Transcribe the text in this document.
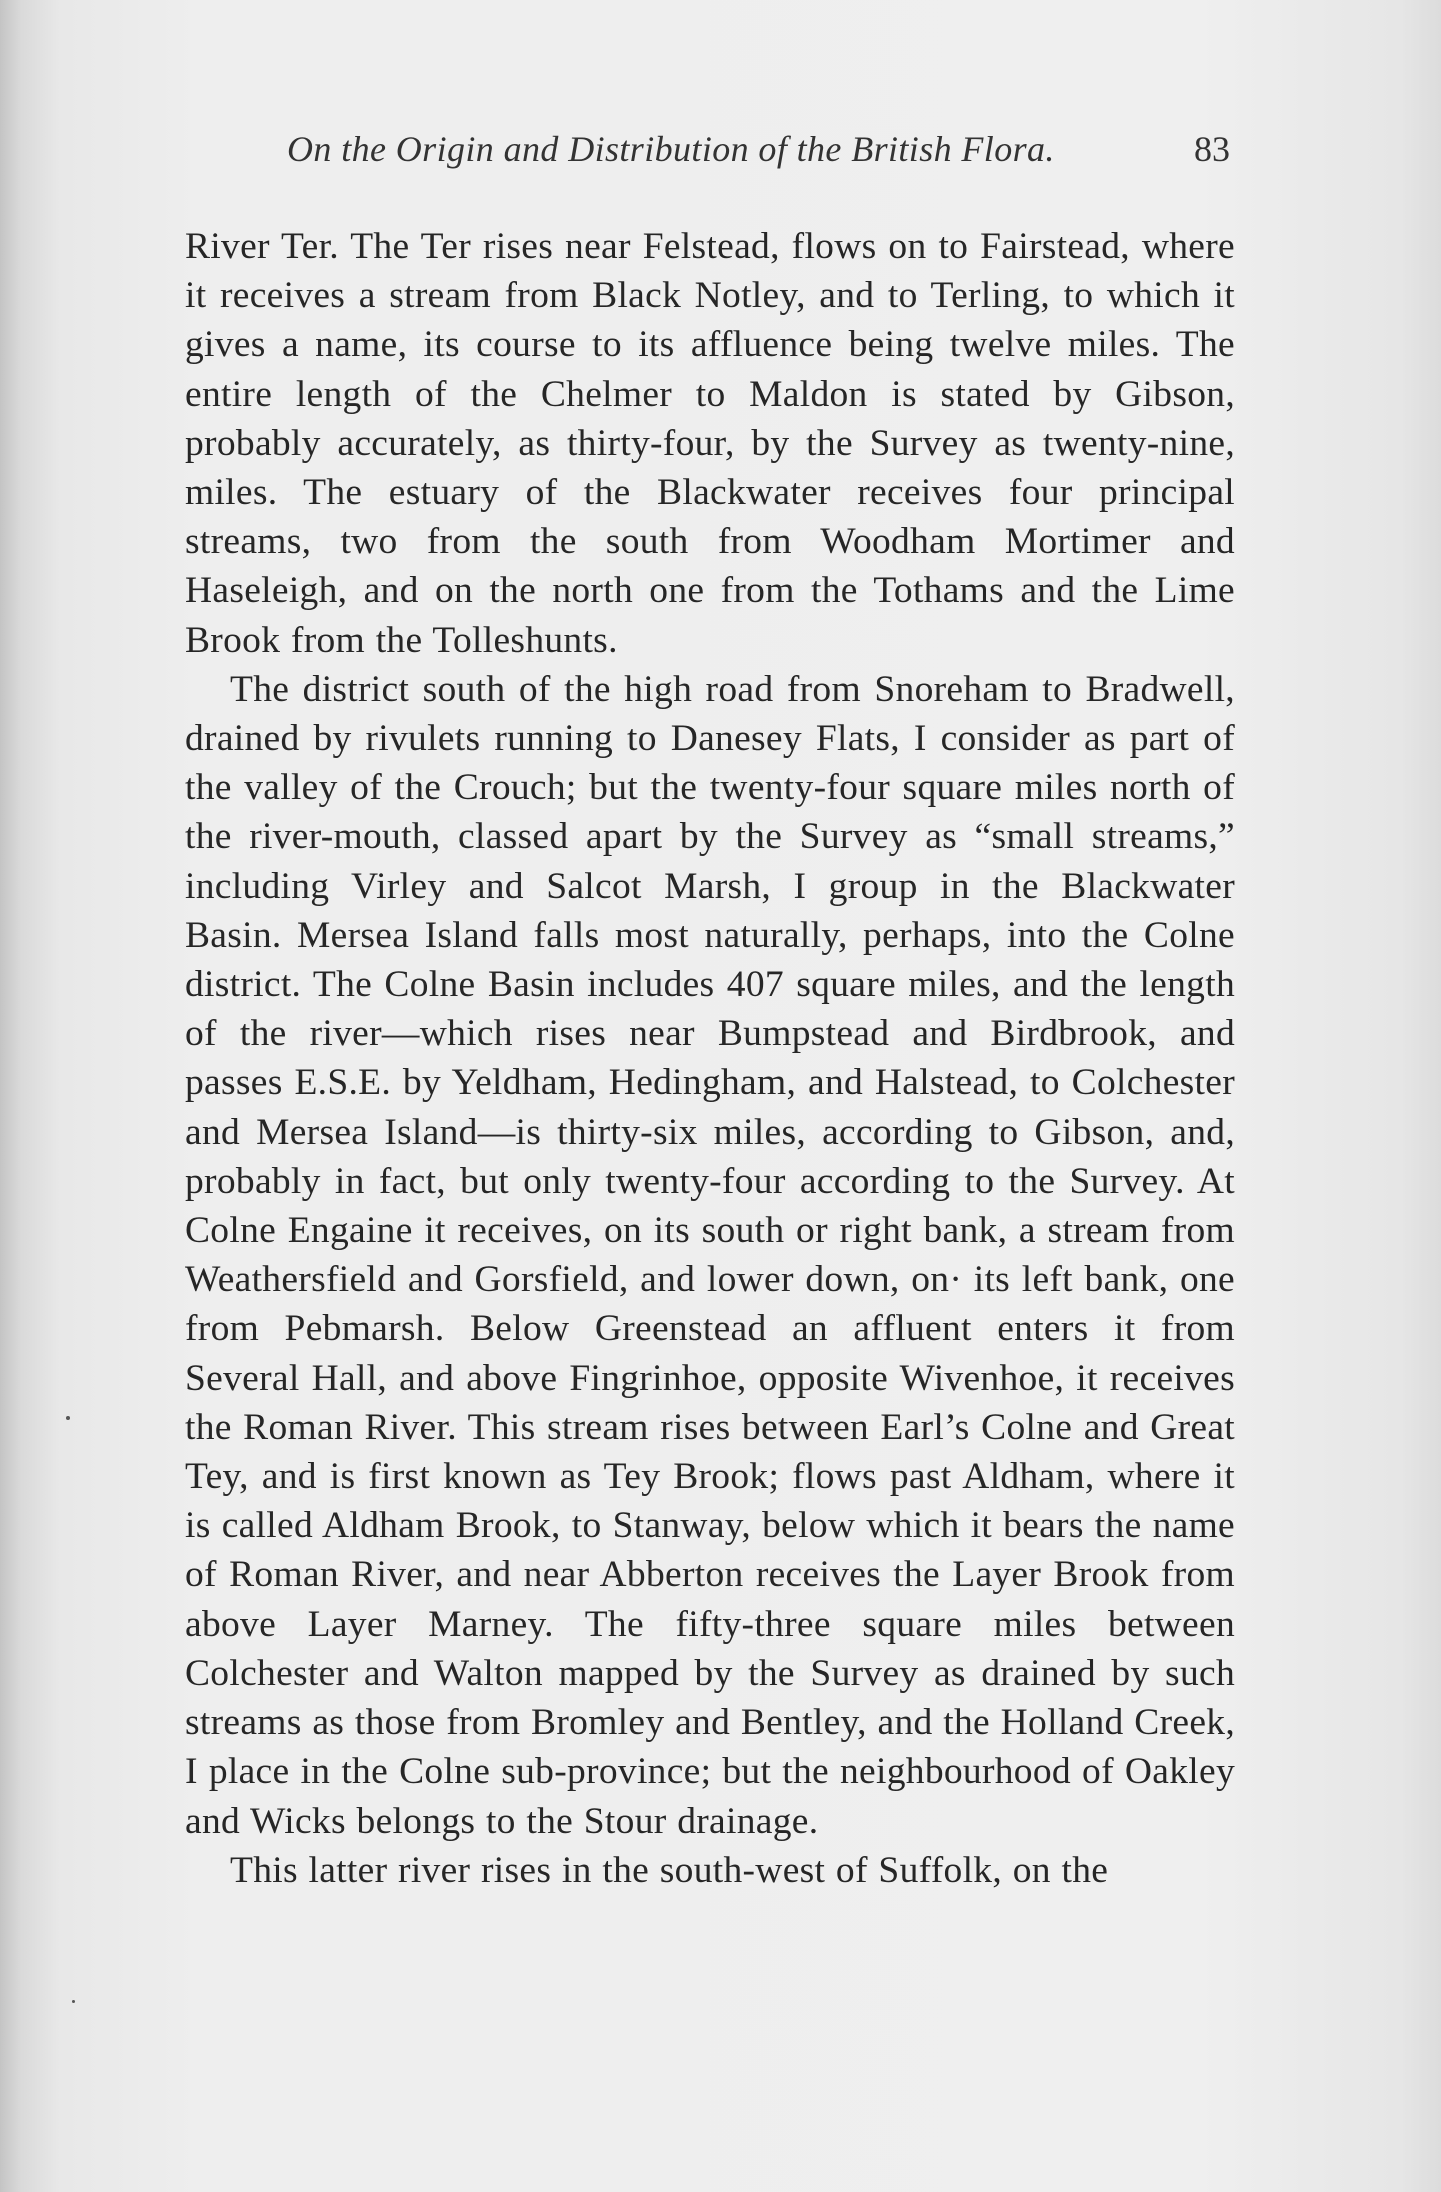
On the Origin and Distribution of the British Flora.	83

River Ter. The Ter rises near Felstead, flows on to Fairstead, where it receives a stream from Black Notley, and to Terling, to which it gives a name, its course to its affluence being twelve miles. The entire length of the Chelmer to Maldon is stated by Gibson, probably accurately, as thirty-four, by the Survey as twenty-nine, miles. The estuary of the Blackwater receives four principal streams, two from the south from Woodham Mortimer and Haseleigh, and on the north one from the Tothams and the Lime Brook from the Tolleshunts.

The district south of the high road from Snoreham to Bradwell, drained by rivulets running to Danesey Flats, I consider as part of the valley of the Crouch; but the twenty-four square miles north of the river-mouth, classed apart by the Survey as “small streams,” including Virley and Salcot Marsh, I group in the Blackwater Basin. Mersea Island falls most naturally, perhaps, into the Colne district. The Colne Basin includes 407 square miles, and the length of the river—which rises near Bumpstead and Birdbrook, and passes E.S.E. by Yeldham, Hedingham, and Halstead, to Colchester and Mersea Island—is thirty-six miles, according to Gibson, and, probably in fact, but only twenty-four according to the Survey. At Colne Engaine it receives, on its south or right bank, a stream from Weathersfield and Gorsfield, and lower down, on· its left bank, one from Pebmarsh. Below Greenstead an affluent enters it from Several Hall, and above Fingrinhoe, opposite Wivenhoe, it receives the Roman River. This stream rises between Earl’s Colne and Great Tey, and is first known as Tey Brook; flows past Aldham, where it is called Aldham Brook, to Stanway, below which it bears the name of Roman River, and near Abberton receives the Layer Brook from above Layer Marney. The fifty-three square miles between Colchester and Walton mapped by the Survey as drained by such streams as those from Bromley and Bentley, and the Holland Creek, I place in the Colne sub-province; but the neighbourhood of Oakley and Wicks belongs to the Stour drainage.

This latter river rises in the south-west of Suffolk, on the
